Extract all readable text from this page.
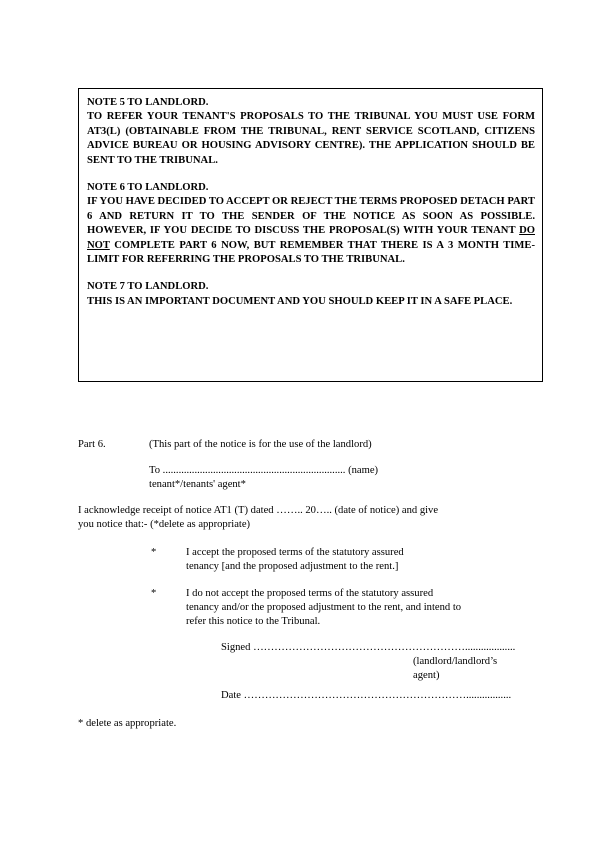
NOTE 5 TO LANDLORD.
TO REFER YOUR TENANT'S PROPOSALS TO THE TRIBUNAL YOU MUST USE FORM AT3(L) (OBTAINABLE FROM THE TRIBUNAL, RENT SERVICE SCOTLAND, CITIZENS ADVICE BUREAU OR HOUSING ADVISORY CENTRE). THE APPLICATION SHOULD BE SENT TO THE TRIBUNAL.
NOTE 6 TO LANDLORD.
IF YOU HAVE DECIDED TO ACCEPT OR REJECT THE TERMS PROPOSED DETACH PART 6 AND RETURN IT TO THE SENDER OF THE NOTICE AS SOON AS POSSIBLE. HOWEVER, IF YOU DECIDE TO DISCUSS THE PROPOSAL(S) WITH YOUR TENANT DO NOT COMPLETE PART 6 NOW, BUT REMEMBER THAT THERE IS A 3 MONTH TIME-LIMIT FOR REFERRING THE PROPOSALS TO THE TRIBUNAL.
NOTE 7 TO LANDLORD.
THIS IS AN IMPORTANT DOCUMENT AND YOU SHOULD KEEP IT IN A SAFE PLACE.
Part 6.	(This part of the notice is for the use of the landlord)
To ..................................................................... (name)
tenant*/tenants' agent*
I acknowledge receipt of notice AT1 (T) dated …….. 20….. (date of notice) and give
you notice that:- (*delete as appropriate)
*	I accept the proposed terms of the statutory assured
tenancy [and the proposed adjustment to the rent.]
*	I do not accept the proposed terms of the statutory assured
tenancy and/or the proposed adjustment to the rent, and intend to
refer this notice to the Tribunal.
Signed ……………………………………………………...................
(landlord/landlord’s
agent)
Date ……………………………………………………….................
* delete as appropriate.
